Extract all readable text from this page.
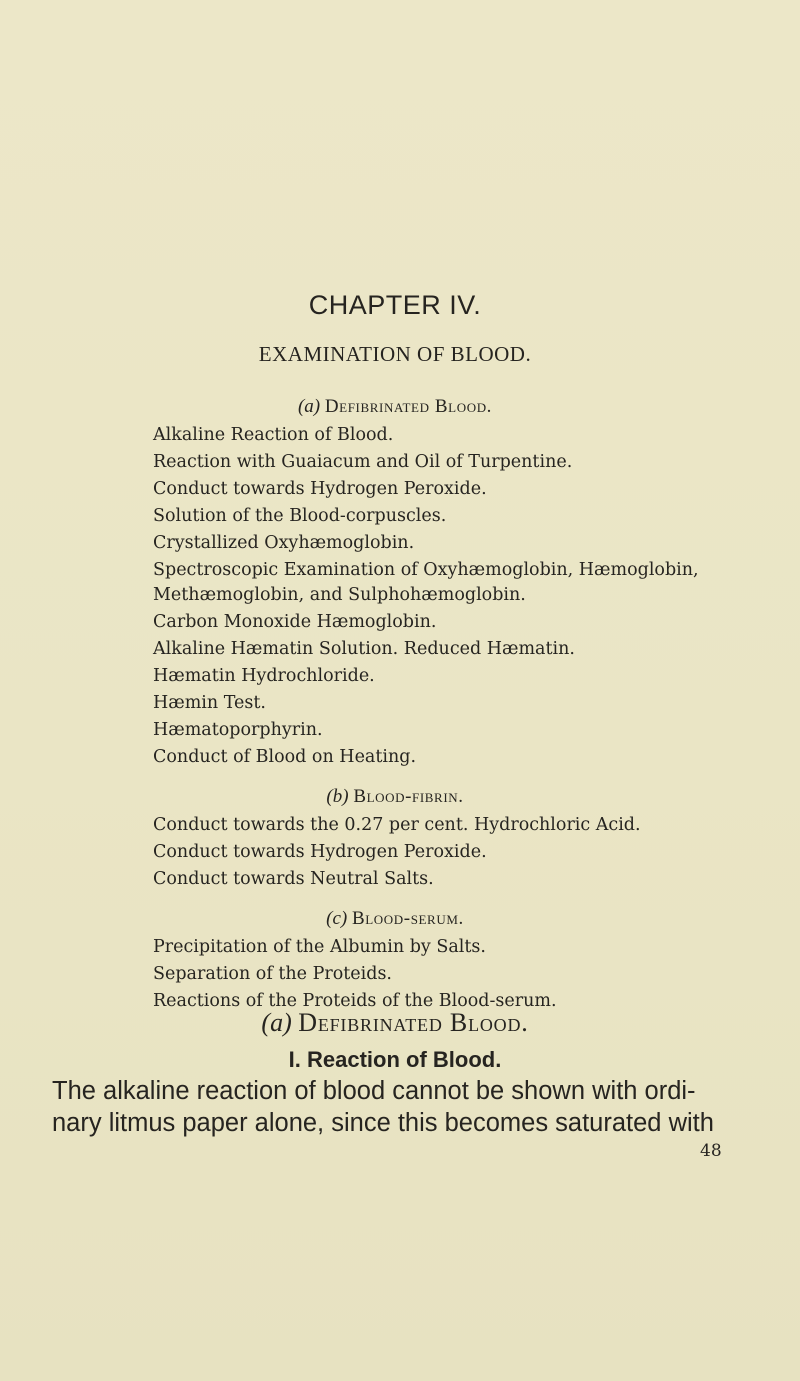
CHAPTER IV.
EXAMINATION OF BLOOD.
(a) Defibrinated Blood.
Alkaline Reaction of Blood.
Reaction with Guaiacum and Oil of Turpentine.
Conduct towards Hydrogen Peroxide.
Solution of the Blood-corpuscles.
Crystallized Oxyhæmoglobin.
Spectroscopic Examination of Oxyhæmoglobin, Hæmoglobin,
Methæmoglobin, and Sulphohæmoglobin.
Carbon Monoxide Hæmoglobin.
Alkaline Hæmatin Solution. Reduced Hæmatin.
Hæmatin Hydrochloride.
Hæmin Test.
Hæmatoporphyrin.
Conduct of Blood on Heating.
(b) Blood-fibrin.
Conduct towards the 0.27 per cent. Hydrochloric Acid.
Conduct towards Hydrogen Peroxide.
Conduct towards Neutral Salts.
(c) Blood-serum.
Precipitation of the Albumin by Salts.
Separation of the Proteids.
Reactions of the Proteids of the Blood-serum.
(a) Defibrinated Blood.
I. Reaction of Blood.
The alkaline reaction of blood cannot be shown with ordi-
nary litmus paper alone, since this becomes saturated with
48
